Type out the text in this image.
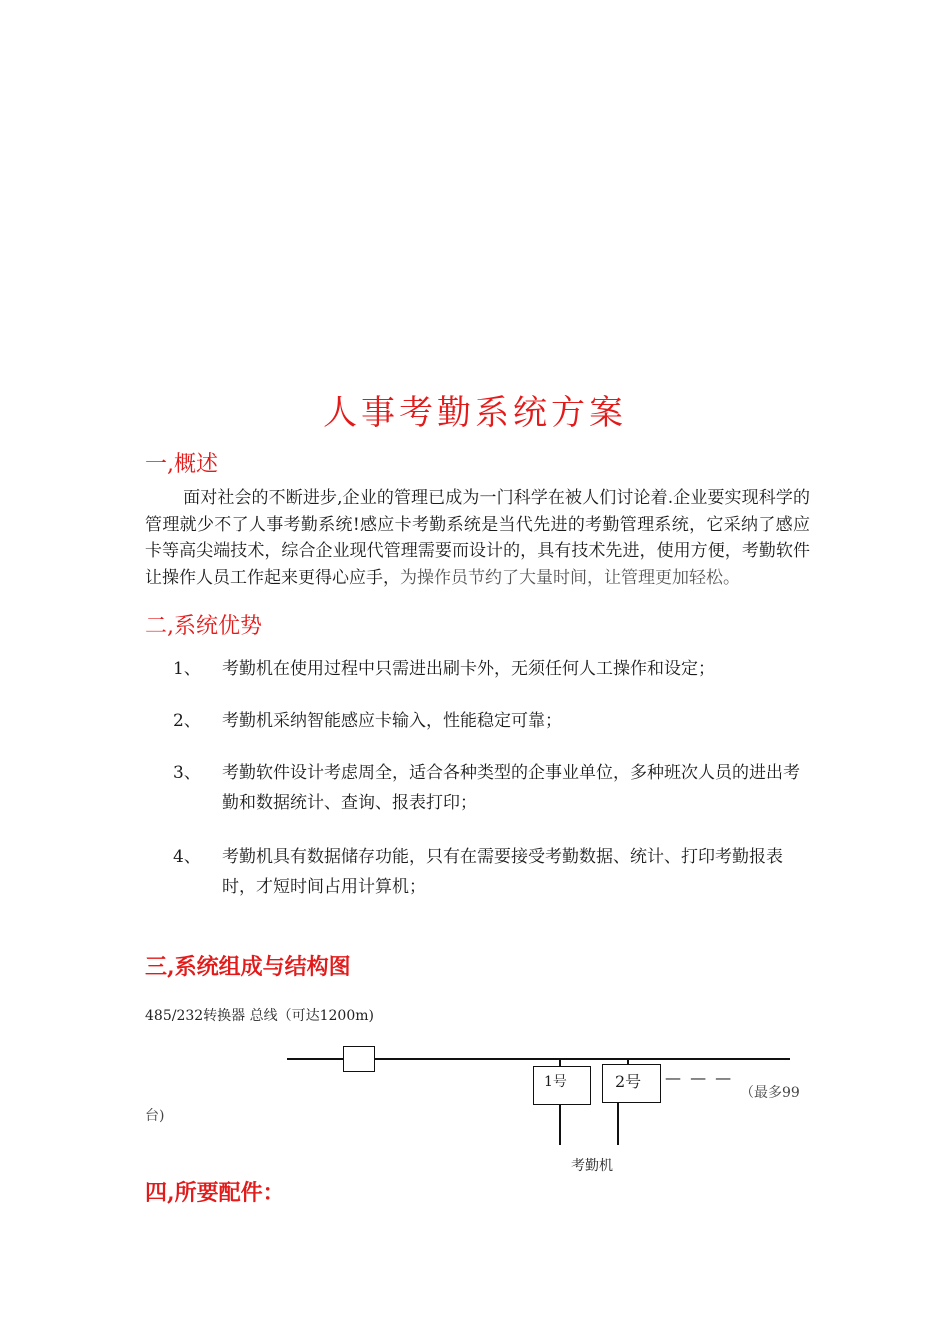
人事考勤系统方案
一,概述
面对社会的不断进步,企业的管理已成为一门科学在被人们讨论着.企业要实现科学的管理就少不了人事考勤系统!感应卡考勤系统是当代先进的考勤管理系统，它采纳了感应卡等高尖端技术，综合企业现代管理需要而设计的，具有技术先进，使用方便，考勤软件让操作人员工作起来更得心应手，为操作员节约了大量时间，让管理更加轻松。
二,系统优势
1、 考勤机在使用过程中只需进出刷卡外，无须任何人工操作和设定；
2、 考勤机采纳智能感应卡输入，性能稳定可靠；
3、 考勤软件设计考虑周全，适合各种类型的企事业单位，多种班次人员的进出考勤和数据统计、查询、报表打印；
4、 考勤机具有数据储存功能，只有在需要接受考勤数据、统计、打印考勤报表时，才短时间占用计算机；
三,系统组成与结构图
485/232转换器 总线（可达1200m)
1号	2号	— — —
（最多99
台)
考勤机
四,所要配件：
